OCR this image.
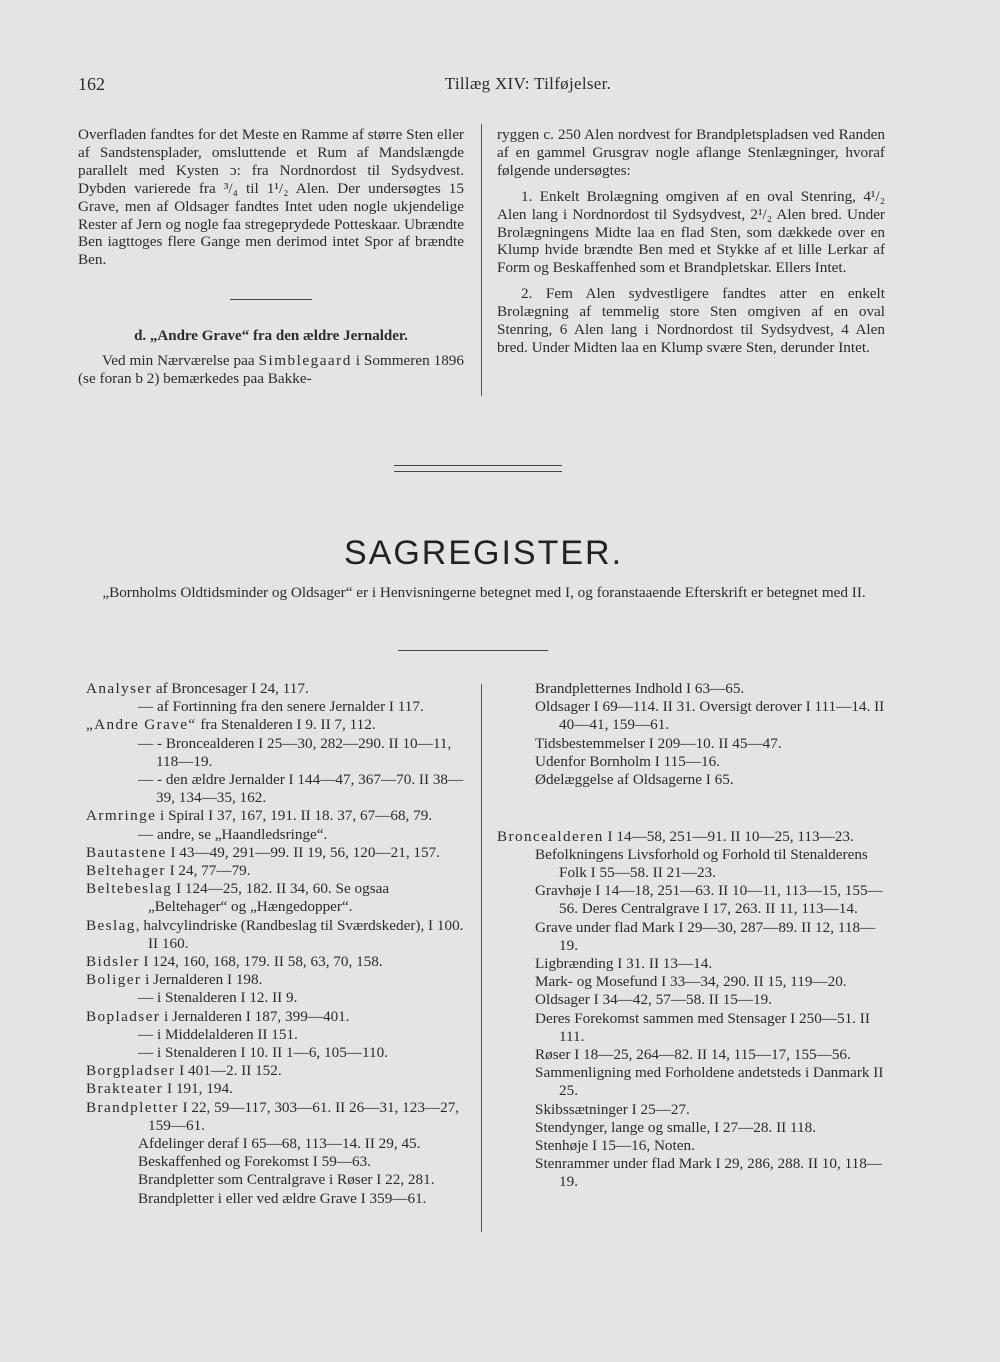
162	Tillæg XIV: Tilføjelser.

Overfladen fandtes for det Meste en Ramme af større Sten eller af Sandstensplader, omsluttende et Rum af Mandslængde parallelt med Kysten ɔ: fra Nordnordost til Sydsydvest. Dybden varierede fra ³/₄ til 1¹/₂ Alen. Der undersøgtes 15 Grave, men af Oldsager fandtes Intet uden nogle ukjendelige Rester af Jern og nogle faa stregeprydede Potteskaar. Ubrændte Ben iagttoges flere Gange men derimod intet Spor af brændte Ben.

d. „Andre Grave“ fra den ældre Jernalder.

Ved min Nærværelse paa Simblegaard i Sommeren 1896 (se foran b 2) bemærkedes paa Bakke-

ryggen c. 250 Alen nordvest for Brandpletspladsen ved Randen af en gammel Grusgrav nogle aflange Stenlægninger, hvoraf følgende undersøgtes:

1. Enkelt Brolægning omgiven af en oval Stenring, 4¹/₂ Alen lang i Nordnordost til Sydsydvest, 2¹/₂ Alen bred. Under Brolægningens Midte laa en flad Sten, som dækkede over en Klump hvide brændte Ben med et Stykke af et lille Lerkar af Form og Beskaffenhed som et Brandpletskar. Ellers Intet.

2. Fem Alen sydvestligere fandtes atter en enkelt Brolægning af temmelig store Sten omgiven af en oval Stenring, 6 Alen lang i Nordnordost til Sydsydvest, 4 Alen bred. Under Midten laa en Klump svære Sten, derunder Intet.

SAGREGISTER.
„Bornholms Oldtidsminder og Oldsager“ er i Henvisningerne betegnet med I, og foranstaaende Efterskrift er betegnet med II.

Analyser af Broncesager I 24, 117.

— af Fortinning fra den senere Jernalder I 117.

„Andre Grave“ fra Stenalderen I 9. II 7, 112.

— - Broncealderen I 25—30, 282—290. II 10—11, 118—19.

— - den ældre Jernalder I 144—47, 367—70. II 38—39, 134—35, 162.

Armringe i Spiral I 37, 167, 191. II 18. 37, 67—68, 79.

— andre, se „Haandledsringe“.

Bautastene I 43—49, 291—99. II 19, 56, 120—21, 157.

Beltehager I 24, 77—79.

Beltebeslag I 124—25, 182. II 34, 60. Se ogsaa „Beltehager“ og „Hængedopper“.

Beslag, halvcylindriske (Randbeslag til Sværdskeder), I 100. II 160.

Bidsler I 124, 160, 168, 179. II 58, 63, 70, 158.

Boliger i Jernalderen I 198.

— i Stenalderen I 12. II 9.

Bopladser i Jernalderen I 187, 399—401.

— i Middelalderen II 151.

— i Stenalderen I 10. II 1—6, 105—110.

Borgpladser I 401—2. II 152.

Brakteater I 191, 194.

Brandpletter I 22, 59—117, 303—61. II 26—31, 123—27, 159—61.

Afdelinger deraf I 65—68, 113—14. II 29, 45.

Beskaffenhed og Forekomst I 59—63.

Brandpletter som Centralgrave i Røser I 22, 281.

Brandpletter i eller ved ældre Grave I 359—61.

Brandpletternes Indhold I 63—65.

Oldsager I 69—114. II 31. Oversigt derover I 111—14. II 40—41, 159—61.

Tidsbestemmelser I 209—10. II 45—47.

Udenfor Bornholm I 115—16.

Ødelæggelse af Oldsagerne I 65.

Broncealderen I 14—58, 251—91. II 10—25, 113—23.

Befolkningens Livsforhold og Forhold til Stenalderens Folk I 55—58. II 21—23.

Gravhøje I 14—18, 251—63. II 10—11, 113—15, 155—56. Deres Centralgrave I 17, 263. II 11, 113—14.

Grave under flad Mark I 29—30, 287—89. II 12, 118—19.

Ligbrænding I 31. II 13—14.

Mark- og Mosefund I 33—34, 290. II 15, 119—20.

Oldsager I 34—42, 57—58. II 15—19.

Deres Forekomst sammen med Stensager I 250—51. II 111.

Røser I 18—25, 264—82. II 14, 115—17, 155—56.

Sammenligning med Forholdene andetsteds i Danmark II 25.

Skibssætninger I 25—27.

Stendynger, lange og smalle, I 27—28. II 118.

Stenhøje I 15—16, Noten.

Stenrammer under flad Mark I 29, 286, 288. II 10, 118—19.
